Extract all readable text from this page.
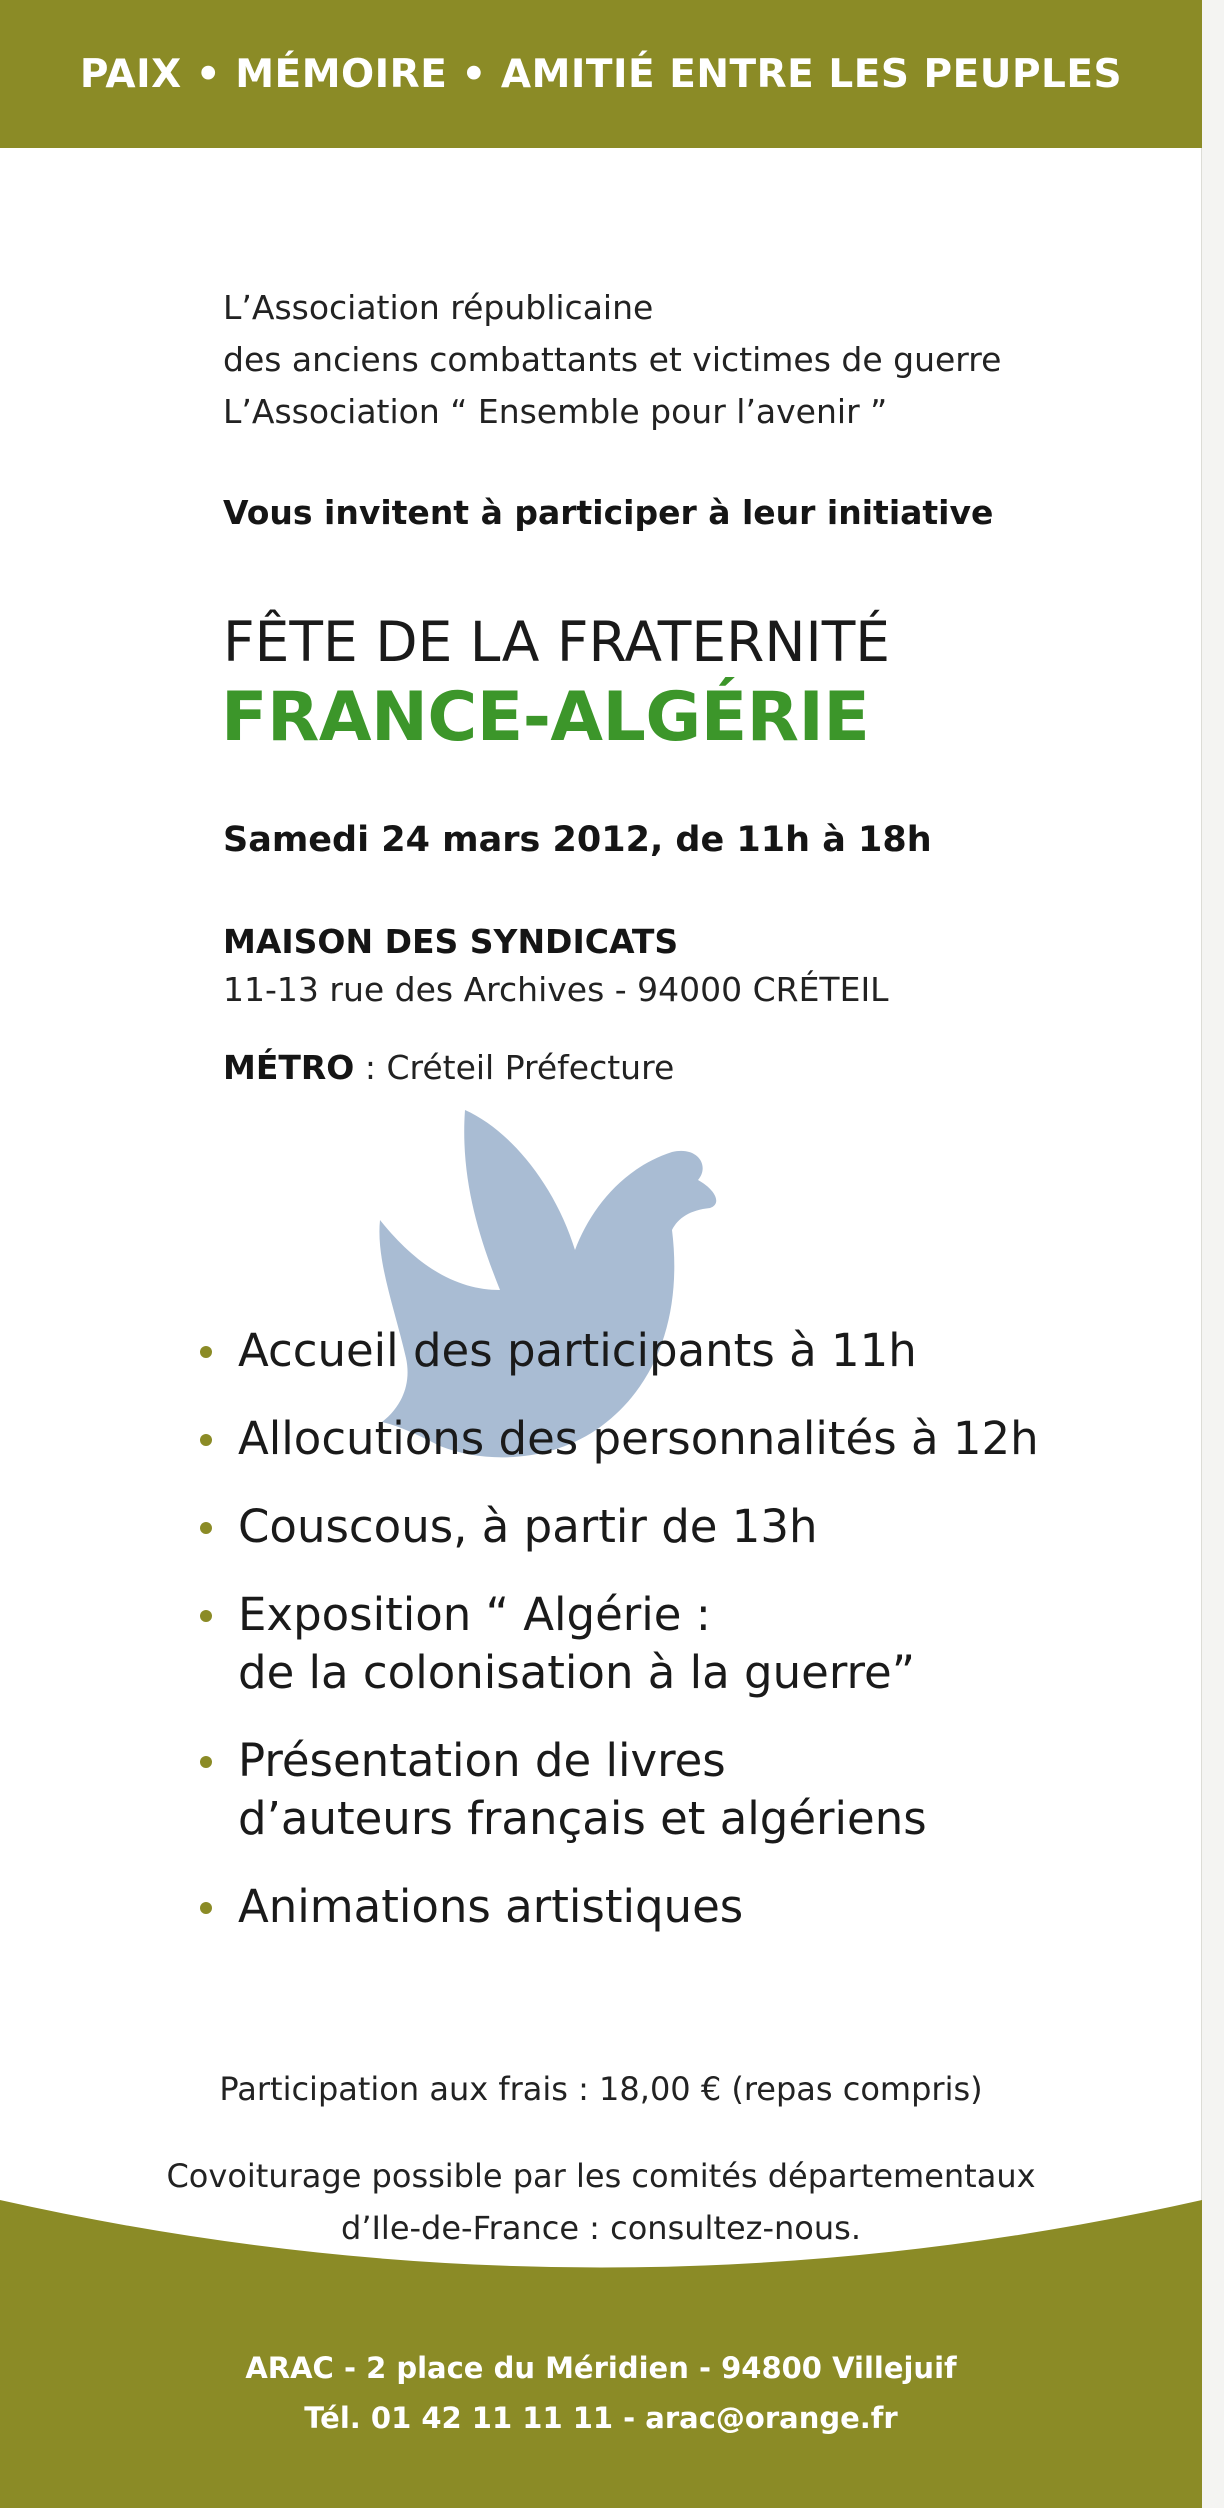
PAIX • MÉMOIRE • AMITIÉ ENTRE LES PEUPLES
L’Association républicaine
des anciens combattants et victimes de guerre
L’Association “ Ensemble pour l’avenir ”
Vous invitent à participer à leur initiative
FÊTE DE LA FRATERNITÉ
FRANCE-ALGÉRIE
Samedi 24 mars 2012, de 11h à 18h
MAISON DES SYNDICATS
11-13 rue des Archives - 94000 CRÉTEIL
MÉTRO : Créteil Préfecture
Accueil des participants à 11h
Allocutions des personnalités à 12h
Couscous, à partir de 13h
Exposition “ Algérie :
de la colonisation à la guerre”
Présentation de livres
d’auteurs français et algériens
Animations artistiques
Participation aux frais : 18,00 € (repas compris)
Covoiturage possible par les comités départementaux
d’Ile-de-France : consultez-nous.
ARAC - 2 place du Méridien - 94800 Villejuif
Tél. 01 42 11 11 11 - arac@orange.fr
